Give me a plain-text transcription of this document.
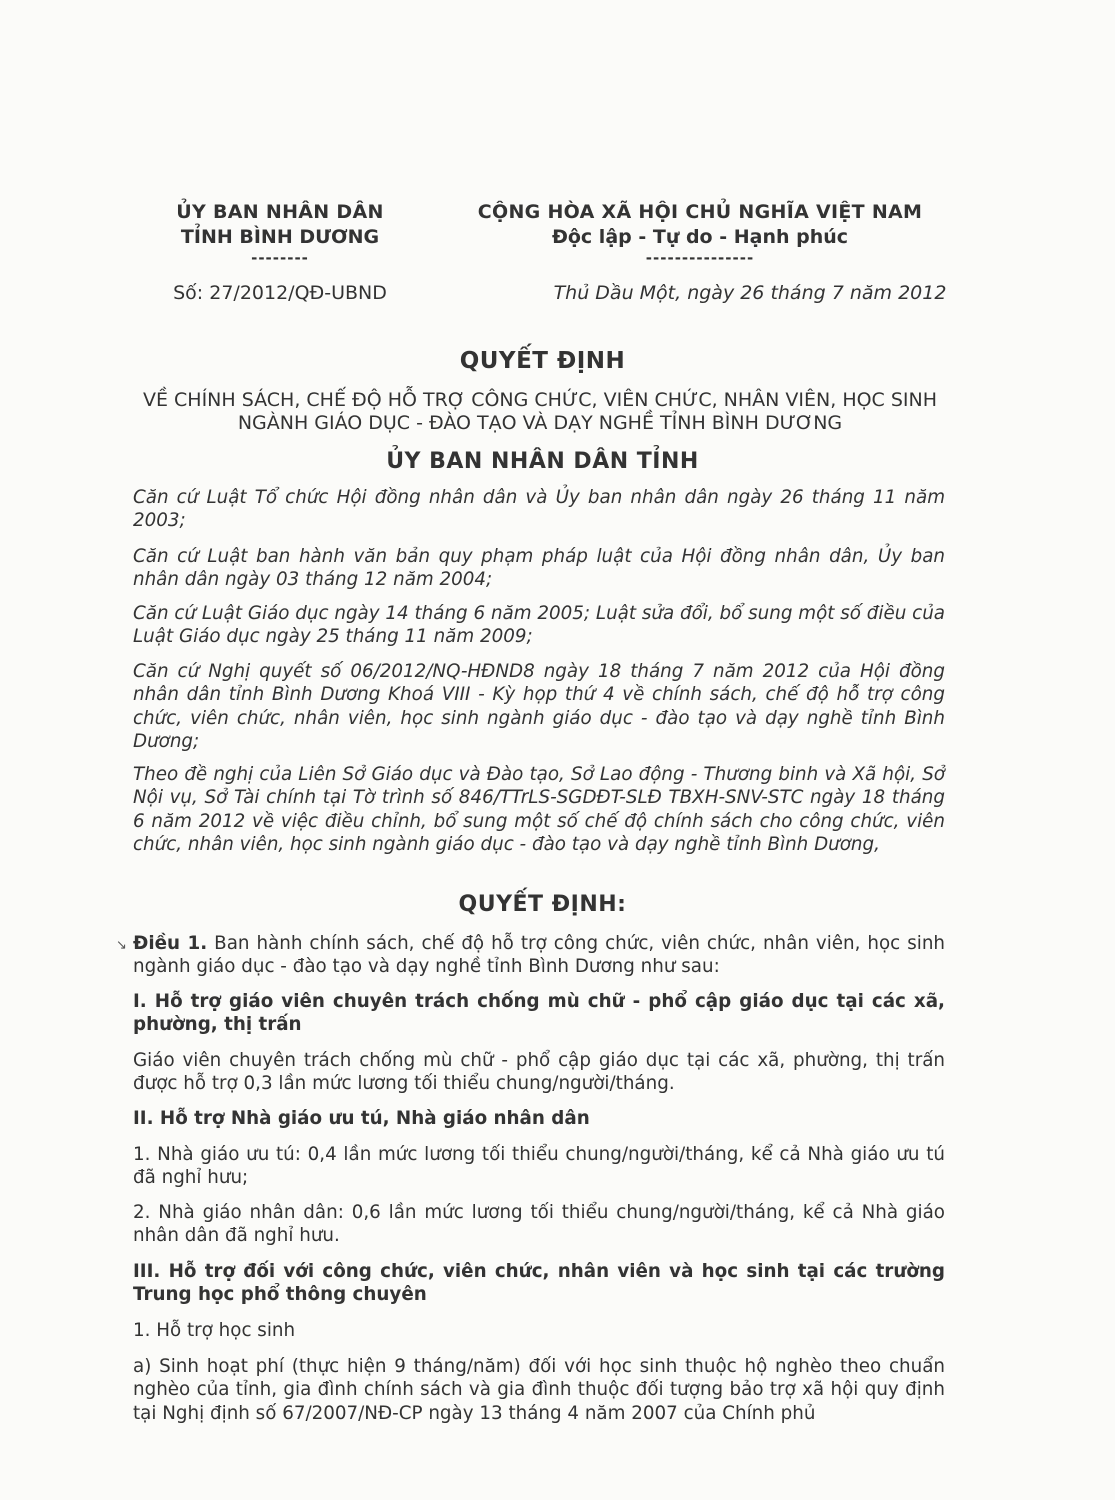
ỦY BAN NHÂN DÂN
TỈNH BÌNH DƯƠNG
--------
CỘNG HÒA XÃ HỘI CHỦ NGHĨA VIỆT NAM
Độc lập - Tự do - Hạnh phúc
---------------
Số: 27/2012/QĐ-UBND	Thủ Dầu Một, ngày 26 tháng 7 năm 2012
QUYẾT ĐỊNH
VỀ CHÍNH SÁCH, CHẾ ĐỘ HỖ TRỢ CÔNG CHỨC, VIÊN CHỨC, NHÂN VIÊN, HỌC SINH
NGÀNH GIÁO DỤC - ĐÀO TẠO VÀ DẠY NGHỀ TỈNH BÌNH DƯƠNG
ỦY BAN NHÂN DÂN TỈNH
Căn cứ Luật Tổ chức Hội đồng nhân dân và Ủy ban nhân dân ngày 26 tháng 11 năm 2003;
Căn cứ Luật ban hành văn bản quy phạm pháp luật của Hội đồng nhân dân, Ủy ban nhân dân ngày 03 tháng 12 năm 2004;
Căn cứ Luật Giáo dục ngày 14 tháng 6 năm 2005; Luật sửa đổi, bổ sung một số điều của Luật Giáo dục ngày 25 tháng 11 năm 2009;
Căn cứ Nghị quyết số 06/2012/NQ-HĐND8 ngày 18 tháng 7 năm 2012 của Hội đồng nhân dân tỉnh Bình Dương Khoá VIII - Kỳ họp thứ 4 về chính sách, chế độ hỗ trợ công chức, viên chức, nhân viên, học sinh ngành giáo dục - đào tạo và dạy nghề tỉnh Bình Dương;
Theo đề nghị của Liên Sở Giáo dục và Đào tạo, Sở Lao động - Thương binh và Xã hội, Sở Nội vụ, Sở Tài chính tại Tờ trình số 846/TTrLS-SGDĐT-SLĐ TBXH-SNV-STC ngày 18 tháng 6 năm 2012 về việc điều chỉnh, bổ sung một số chế độ chính sách cho công chức, viên chức, nhân viên, học sinh ngành giáo dục - đào tạo và dạy nghề tỉnh Bình Dương,
QUYẾT ĐỊNH:
↘ Điều 1. Ban hành chính sách, chế độ hỗ trợ công chức, viên chức, nhân viên, học sinh ngành giáo dục - đào tạo và dạy nghề tỉnh Bình Dương như sau:
I. Hỗ trợ giáo viên chuyên trách chống mù chữ - phổ cập giáo dục tại các xã, phường, thị trấn
Giáo viên chuyên trách chống mù chữ - phổ cập giáo dục tại các xã, phường, thị trấn được hỗ trợ 0,3 lần mức lương tối thiểu chung/người/tháng.
II. Hỗ trợ Nhà giáo ưu tú, Nhà giáo nhân dân
1. Nhà giáo ưu tú: 0,4 lần mức lương tối thiểu chung/người/tháng, kể cả Nhà giáo ưu tú đã nghỉ hưu;
2. Nhà giáo nhân dân: 0,6 lần mức lương tối thiểu chung/người/tháng, kể cả Nhà giáo nhân dân đã nghỉ hưu.
III. Hỗ trợ đối với công chức, viên chức, nhân viên và học sinh tại các trường Trung học phổ thông chuyên
1. Hỗ trợ học sinh
a) Sinh hoạt phí (thực hiện 9 tháng/năm) đối với học sinh thuộc hộ nghèo theo chuẩn nghèo của tỉnh, gia đình chính sách và gia đình thuộc đối tượng bảo trợ xã hội quy định tại Nghị định số 67/2007/NĐ-CP ngày 13 tháng 4 năm 2007 của Chính phủ
